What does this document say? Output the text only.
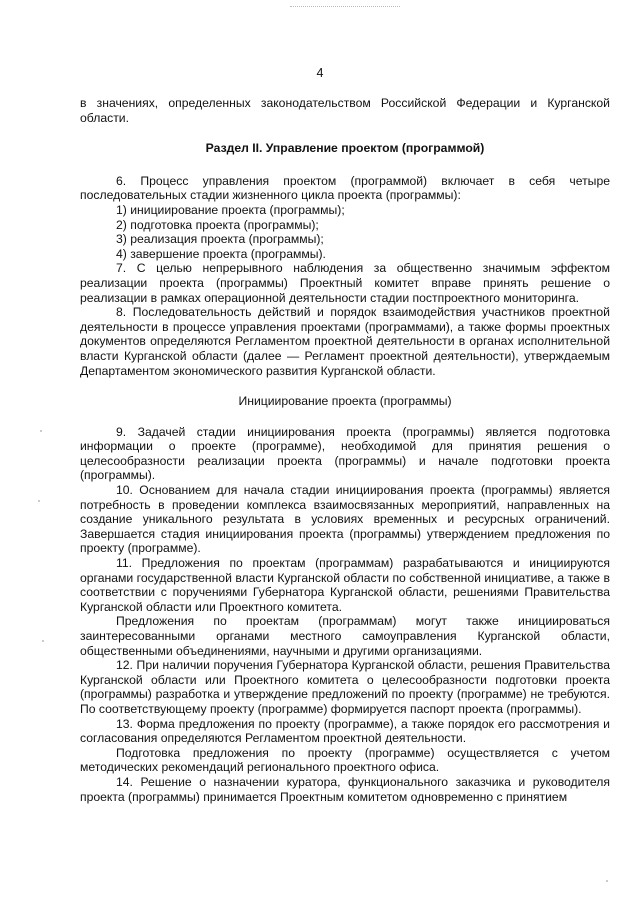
4

в значениях, определенных законодательством Российской Федерации и Курганской области.

Раздел II. Управление проектом (программой)

6. Процесс управления проектом (программой) включает в себя четыре последовательных стадии жизненного цикла проекта (программы):

1) инициирование проекта (программы);

2) подготовка проекта (программы);

3) реализация проекта (программы);

4) завершение проекта (программы).

7. С целью непрерывного наблюдения за общественно значимым эффектом реализации проекта (программы) Проектный комитет вправе принять решение о реализации в рамках операционной деятельности стадии постпроектного мониторинга.

8. Последовательность действий и порядок взаимодействия участников проектной деятельности в процессе управления проектами (программами), а также формы проектных документов определяются Регламентом проектной деятельности в органах исполнительной власти Курганской области (далее — Регламент проектной деятельности), утверждаемым Департаментом экономического развития Курганской области.

Инициирование проекта (программы)

9. Задачей стадии инициирования проекта (программы) является подготовка информации о проекте (программе), необходимой для принятия решения о целесообразности реализации проекта (программы) и начале подготовки проекта (программы).

10. Основанием для начала стадии инициирования проекта (программы) является потребность в проведении комплекса взаимосвязанных мероприятий, направленных на создание уникального результата в условиях временных и ресурсных ограничений. Завершается стадия инициирования проекта (программы) утверждением предложения по проекту (программе).

11. Предложения по проектам (программам) разрабатываются и инициируются органами государственной власти Курганской области по собственной инициативе, а также в соответствии с поручениями Губернатора Курганской области, решениями Правительства Курганской области или Проектного комитета.

Предложения по проектам (программам) могут также инициироваться заинтересованными органами местного самоуправления Курганской области, общественными объединениями, научными и другими организациями.

12. При наличии поручения Губернатора Курганской области, решения Правительства Курганской области или Проектного комитета о целесообразности подготовки проекта (программы) разработка и утверждение предложений по проекту (программе) не требуются. По соответствующему проекту (программе) формируется паспорт проекта (программы).

13. Форма предложения по проекту (программе), а также порядок его рассмотрения и согласования определяются Регламентом проектной деятельности.

Подготовка предложения по проекту (программе) осуществляется с учетом методических рекомендаций регионального проектного офиса.

14. Решение о назначении куратора, функционального заказчика и руководителя проекта (программы) принимается Проектным комитетом одновременно с принятием
